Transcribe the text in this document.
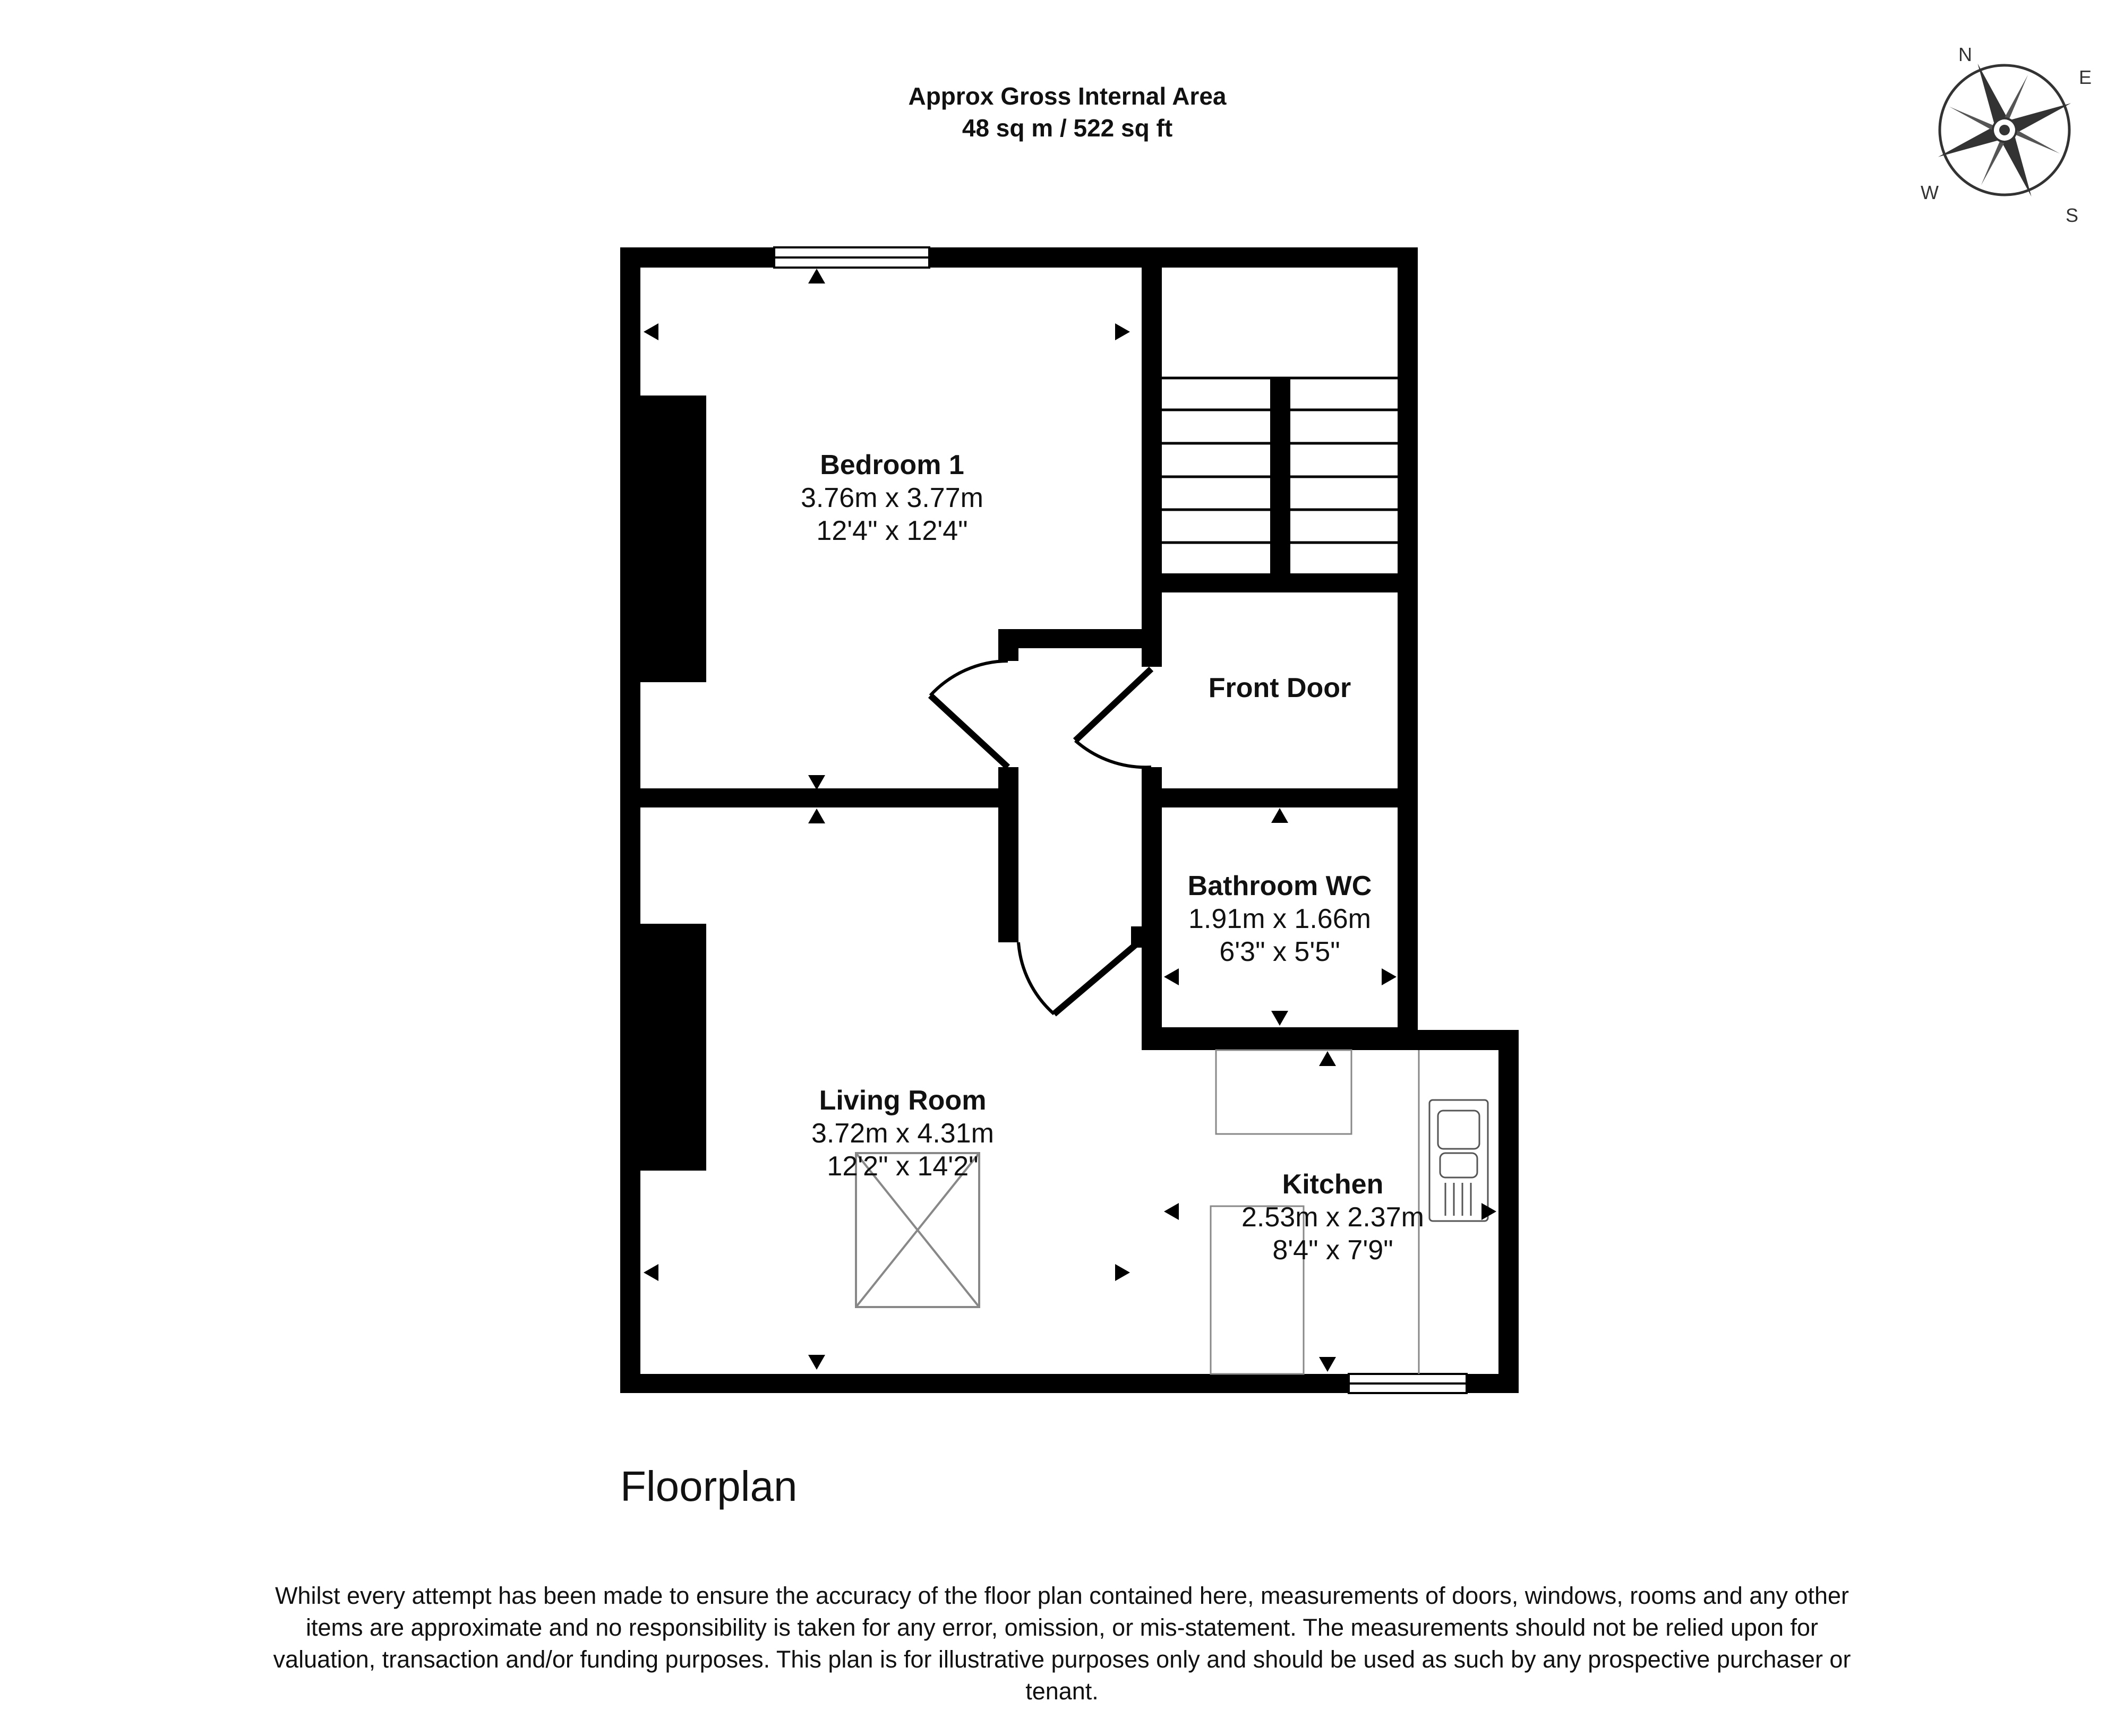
Approx Gross Internal Area
48 sq m / 522 sq ft
N
E
S
W
Bedroom 1
3.76m x 3.77m
12'4" x 12'4"
Front Door
Bathroom WC
1.91m x 1.66m
6'3" x 5'5"
Living Room
3.72m x 4.31m
12'2" x 14'2"
Kitchen
2.53m x 2.37m
8'4" x 7'9"
Floorplan
Whilst every attempt has been made to ensure the accuracy of the floor plan contained here, measurements of doors, windows, rooms and any other items are approximate and no responsibility is taken for any error, omission, or mis-statement. The measurements should not be relied upon for valuation, transaction and/or funding purposes. This plan is for illustrative purposes only and should be used as such by any prospective purchaser or tenant.
